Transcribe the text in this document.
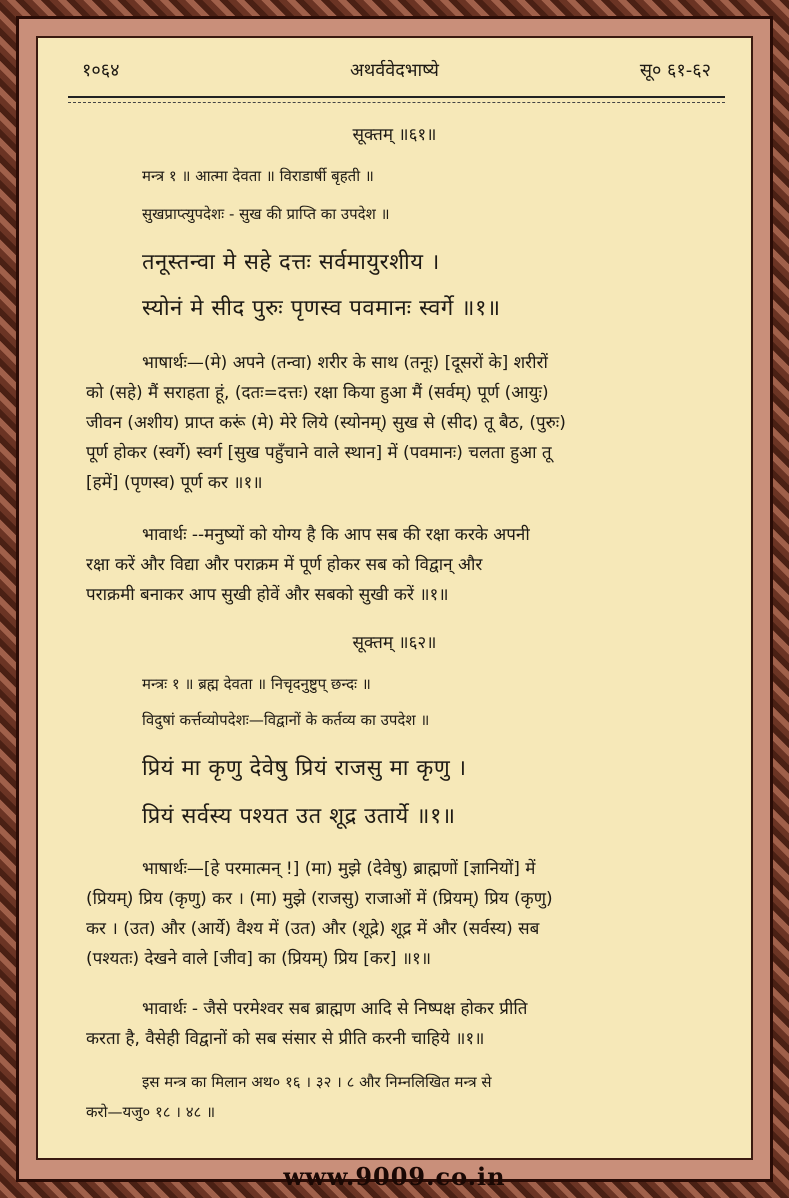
१०६४	अथर्ववेदभाष्ये	सू० ६१-६२
सूक्तम् ॥६१॥
मन्त्र १ ॥ आत्मा देवता ॥ विराडार्षी बृहती ॥
सुखप्राप्त्युपदेशः - सुख की प्राप्ति का उपदेश ॥
तनूस्तन्वा मे सहे दत्तः सर्वमायुरशीय ।
स्योनं मे सीद पुरुः पृणस्व पवमानः स्वर्गे ॥१॥
भाषार्थः—(मे) अपने (तन्वा) शरीर के साथ (तनूः) [दूसरों के] शरीरों
को (सहे) मैं सराहता हूं, (दतः=दत्तः) रक्षा किया हुआ मैं (सर्वम्) पूर्ण (आयुः)
जीवन (अशीय) प्राप्त करूं (मे) मेरे लिये (स्योनम्) सुख से (सीद) तू बैठ, (पुरुः)
पूर्ण होकर (स्वर्गे) स्वर्ग [सुख पहुँचाने वाले स्थान] में (पवमानः) चलता हुआ तू
[हमें] (पृणस्व) पूर्ण कर ॥१॥
भावार्थः --मनुष्यों को योग्य है कि आप सब की रक्षा करके अपनी
रक्षा करें और विद्या और पराक्रम में पूर्ण होकर सब को विद्वान् और
पराक्रमी बनाकर आप सुखी होवें और सबको सुखी करें ॥१॥
सूक्तम् ॥६२॥
मन्त्रः १ ॥ ब्रह्म देवता ॥ निचृदनुष्टुप् छन्दः ॥
विदुषां कर्त्तव्योपदेशः—विद्वानों के कर्तव्य का उपदेश ॥
प्रियं मा कृणु देवेषु प्रियं राजसु मा कृणु ।
प्रियं सर्वस्य पश्यत उत शूद्र उतार्ये ॥१॥
भाषार्थः—[हे परमात्मन् !] (मा) मुझे (देवेषु) ब्राह्मणों [ज्ञानियों] में
(प्रियम्) प्रिय (कृणु) कर । (मा) मुझे (राजसु) राजाओं में (प्रियम्) प्रिय (कृणु)
कर । (उत) और (आर्ये) वैश्य में (उत) और (शूद्रे) शूद्र में और (सर्वस्य) सब
(पश्यतः) देखने वाले [जीव] का (प्रियम्) प्रिय [कर] ॥१॥
भावार्थः - जैसे परमेश्वर सब ब्राह्मण आदि से निष्पक्ष होकर प्रीति
करता है, वैसेही विद्वानों को सब संसार से प्रीति करनी चाहिये ॥१॥
इस मन्त्र का मिलान अथ० १६ । ३२ । ८ और निम्नलिखित मन्त्र से
करो—यजु० १८ । ४८ ॥
www.9009.co.in
